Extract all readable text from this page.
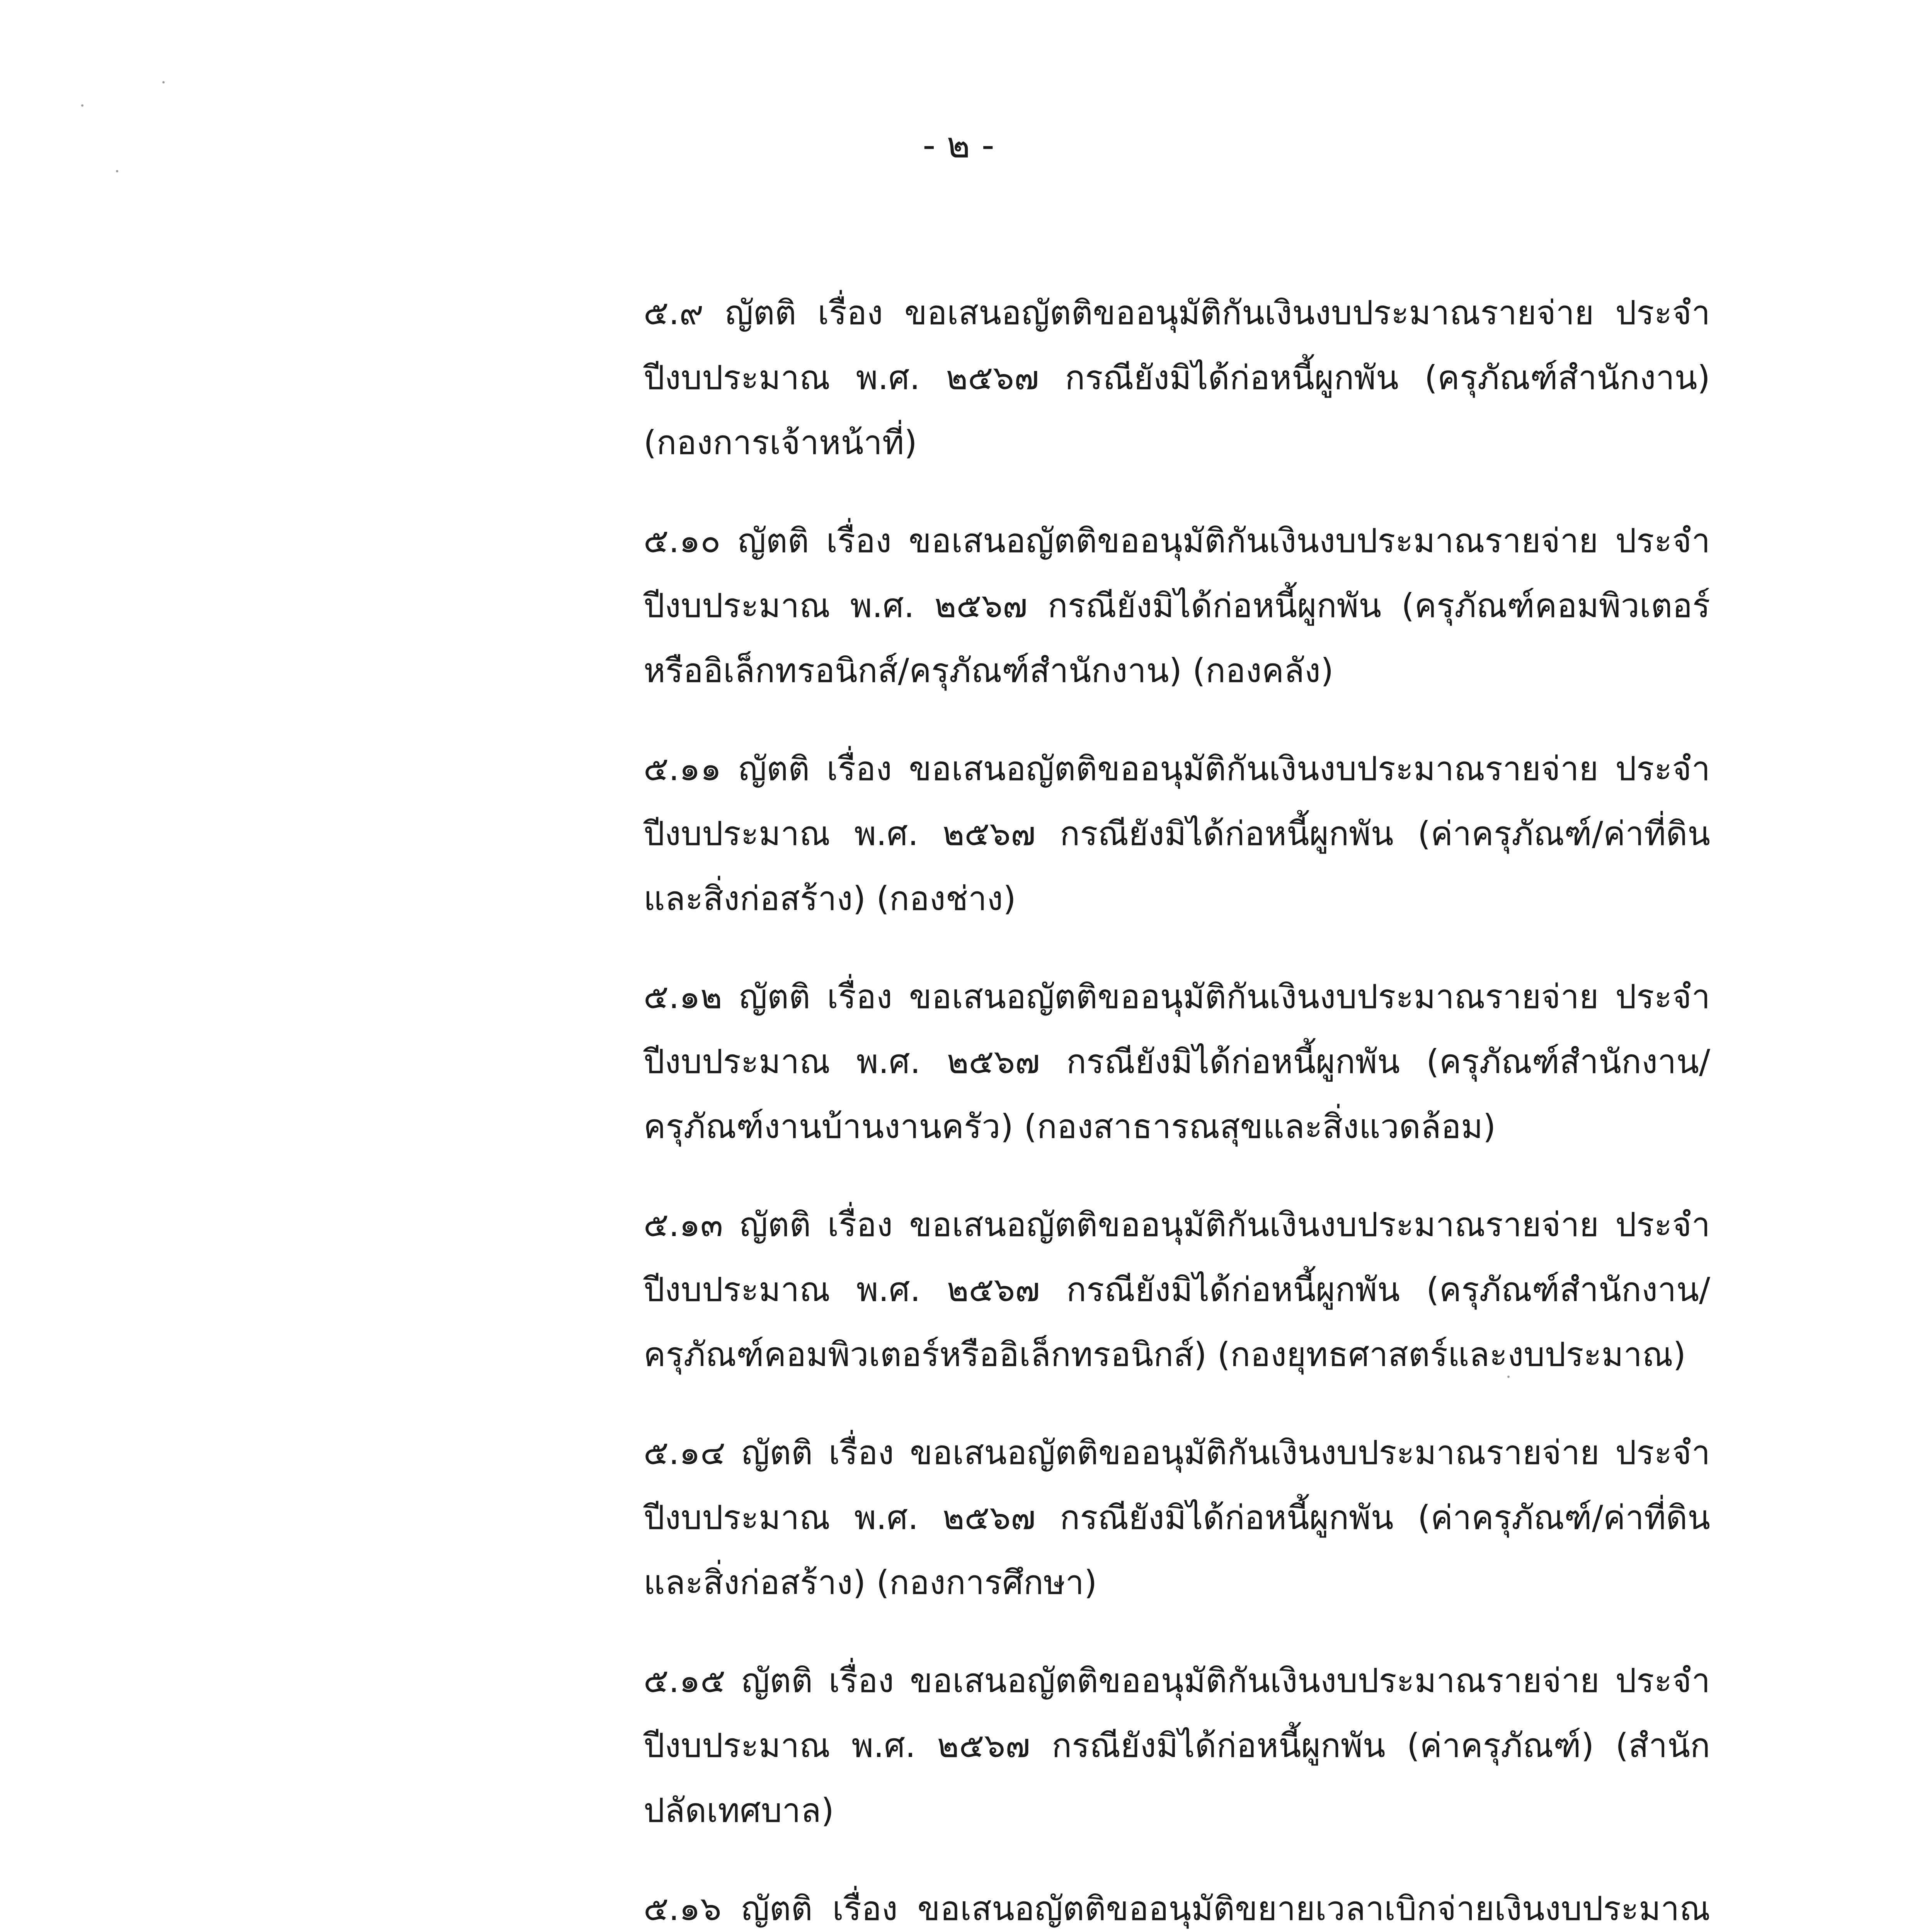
- ๒ -

๕.๙ ญัตติ เรื่อง ขอเสนอญัตติขออนุมัติกันเงินงบประมาณรายจ่าย ประจำปีงบประมาณ พ.ศ. ๒๕๖๗ กรณียังมิได้ก่อหนี้ผูกพัน (ครุภัณฑ์สำนักงาน) (กองการเจ้าหน้าที่)

๕.๑๐ ญัตติ เรื่อง ขอเสนอญัตติขออนุมัติกันเงินงบประมาณรายจ่าย ประจำปีงบประมาณ พ.ศ. ๒๕๖๗ กรณียังมิได้ก่อหนี้ผูกพัน (ครุภัณฑ์คอมพิวเตอร์หรืออิเล็กทรอนิกส์/ครุภัณฑ์สำนักงาน) (กองคลัง)

๕.๑๑ ญัตติ เรื่อง ขอเสนอญัตติขออนุมัติกันเงินงบประมาณรายจ่าย ประจำปีงบประมาณ พ.ศ. ๒๕๖๗ กรณียังมิได้ก่อหนี้ผูกพัน (ค่าครุภัณฑ์/ค่าที่ดินและสิ่งก่อสร้าง) (กองช่าง)

๕.๑๒ ญัตติ เรื่อง ขอเสนอญัตติขออนุมัติกันเงินงบประมาณรายจ่าย ประจำปีงบประมาณ พ.ศ. ๒๕๖๗ กรณียังมิได้ก่อหนี้ผูกพัน (ครุภัณฑ์สำนักงาน/ครุภัณฑ์งานบ้านงานครัว) (กองสาธารณสุขและสิ่งแวดล้อม)

๕.๑๓ ญัตติ เรื่อง ขอเสนอญัตติขออนุมัติกันเงินงบประมาณรายจ่าย ประจำปีงบประมาณ พ.ศ. ๒๕๖๗ กรณียังมิได้ก่อหนี้ผูกพัน (ครุภัณฑ์สำนักงาน/ครุภัณฑ์คอมพิวเตอร์หรืออิเล็กทรอนิกส์) (กองยุทธศาสตร์และงบประมาณ)

๕.๑๔ ญัตติ เรื่อง ขอเสนอญัตติขออนุมัติกันเงินงบประมาณรายจ่าย ประจำปีงบประมาณ พ.ศ. ๒๕๖๗ กรณียังมิได้ก่อหนี้ผูกพัน (ค่าครุภัณฑ์/ค่าที่ดินและสิ่งก่อสร้าง) (กองการศึกษา)

๕.๑๕ ญัตติ เรื่อง ขอเสนอญัตติขออนุมัติกันเงินงบประมาณรายจ่าย ประจำปีงบประมาณ พ.ศ. ๒๕๖๗ กรณียังมิได้ก่อหนี้ผูกพัน (ค่าครุภัณฑ์) (สำนักปลัดเทศบาล)

๕.๑๖ ญัตติ เรื่อง ขอเสนอญัตติขออนุมัติขยายเวลาเบิกจ่ายเงินงบประมาณ
